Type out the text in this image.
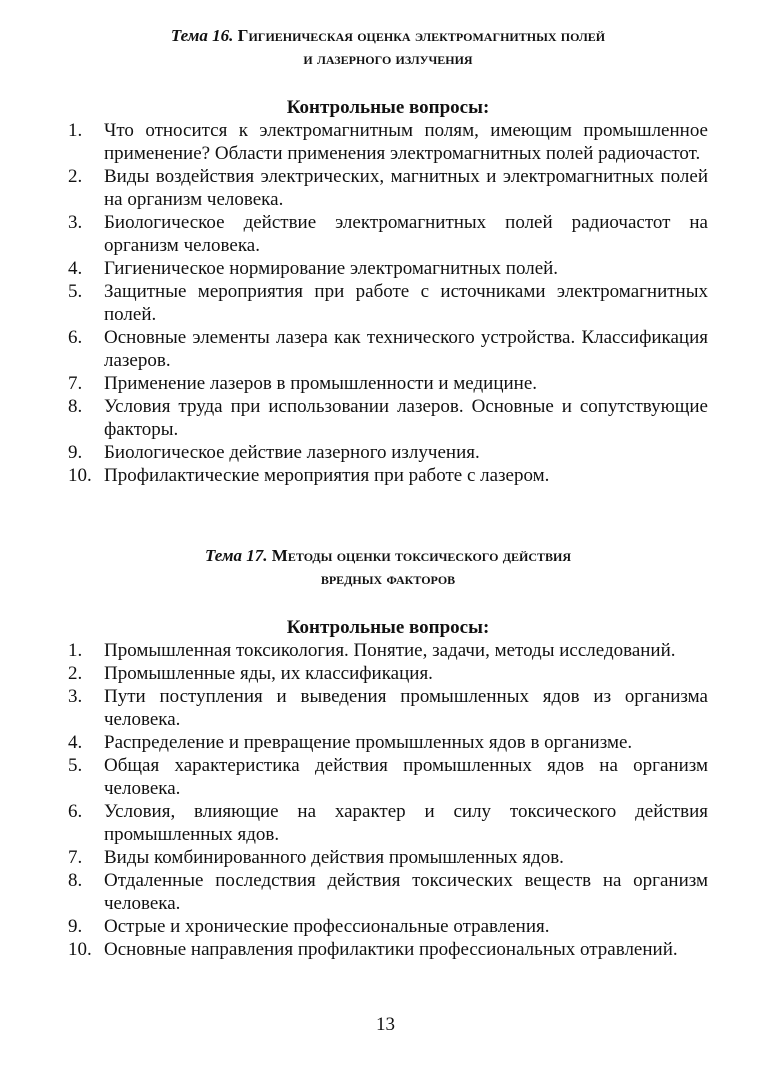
Тема 16. Гигиеническая оценка электромагнитных полей
и лазерного излучения
Контрольные вопросы:
1.	Что относится к электромагнитным полям, имеющим промышленное применение? Области применения электромагнитных полей радиочастот.
2.	Виды воздействия электрических, магнитных и электромагнитных полей на организм человека.
3.	Биологическое действие электромагнитных полей радиочастот на организм человека.
4.	Гигиеническое нормирование электромагнитных полей.
5.	Защитные мероприятия при работе с источниками электромагнитных полей.
6.	Основные элементы лазера как технического устройства. Классификация лазеров.
7.	Применение лазеров в промышленности и медицине.
8.	Условия труда при использовании лазеров. Основные и сопутствующие факторы.
9.	Биологическое действие лазерного излучения.
10. Профилактические мероприятия при работе с лазером.
Тема 17. Методы оценки токсического действия
вредных факторов
Контрольные вопросы:
1.	Промышленная токсикология. Понятие, задачи, методы исследований.
2.	Промышленные яды, их классификация.
3.	Пути поступления и выведения промышленных ядов из организма человека.
4.	Распределение и превращение промышленных ядов в организме.
5.	Общая характеристика действия промышленных ядов на организм человека.
6.	Условия, влияющие на характер и силу токсического действия промышленных ядов.
7.	Виды комбинированного действия промышленных ядов.
8.	Отдаленные последствия действия токсических веществ на организм человека.
9.	Острые и хронические профессиональные отравления.
10. Основные направления профилактики профессиональных отравлений.
13
